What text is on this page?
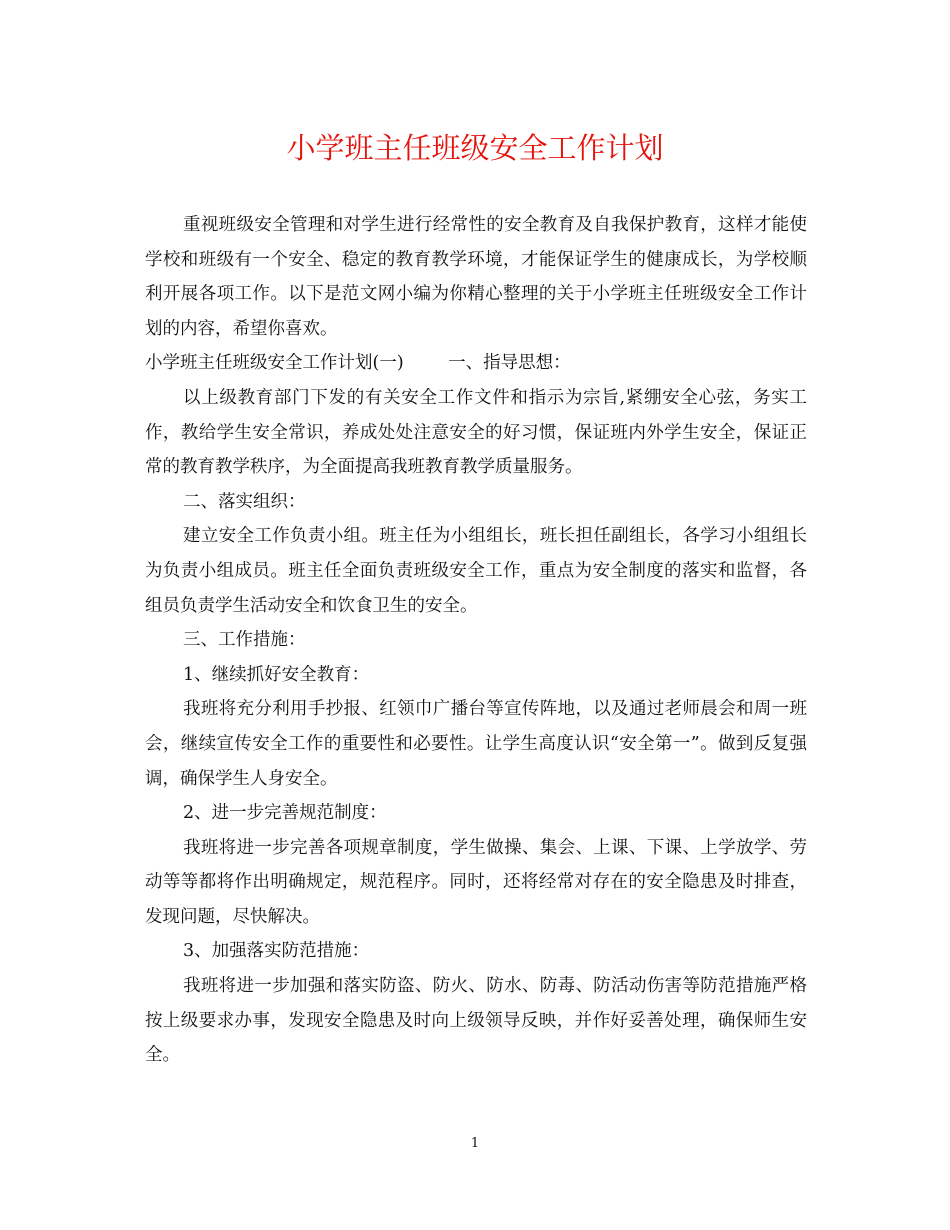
小学班主任班级安全工作计划

重视班级安全管理和对学生进行经常性的安全教育及自我保护教育，这样才能使学校和班级有一个安全、稳定的教育教学环境，才能保证学生的健康成长，为学校顺利开展各项工作。以下是范文网小编为你精心整理的关于小学班主任班级安全工作计划的内容，希望你喜欢。

小学班主任班级安全工作计划(一)	一、指导思想：

以上级教育部门下发的有关安全工作文件和指示为宗旨,紧绷安全心弦，务实工作，教给学生安全常识，养成处处注意安全的好习惯，保证班内外学生安全，保证正常的教育教学秩序，为全面提高我班教育教学质量服务。

二、落实组织：

建立安全工作负责小组。班主任为小组组长，班长担任副组长，各学习小组组长为负责小组成员。班主任全面负责班级安全工作，重点为安全制度的落实和监督，各组员负责学生活动安全和饮食卫生的安全。

三、工作措施：

1、继续抓好安全教育：

我班将充分利用手抄报、红领巾广播台等宣传阵地，以及通过老师晨会和周一班会，继续宣传安全工作的重要性和必要性。让学生高度认识“安全第一”。做到反复强调，确保学生人身安全。

2、进一步完善规范制度：

我班将进一步完善各项规章制度，学生做操、集会、上课、下课、上学放学、劳动等等都将作出明确规定，规范程序。同时，还将经常对存在的安全隐患及时排查，发现问题，尽快解决。

3、加强落实防范措施：

我班将进一步加强和落实防盗、防火、防水、防毒、防活动伤害等防范措施严格按上级要求办事，发现安全隐患及时向上级领导反映，并作好妥善处理，确保师生安全。

1
